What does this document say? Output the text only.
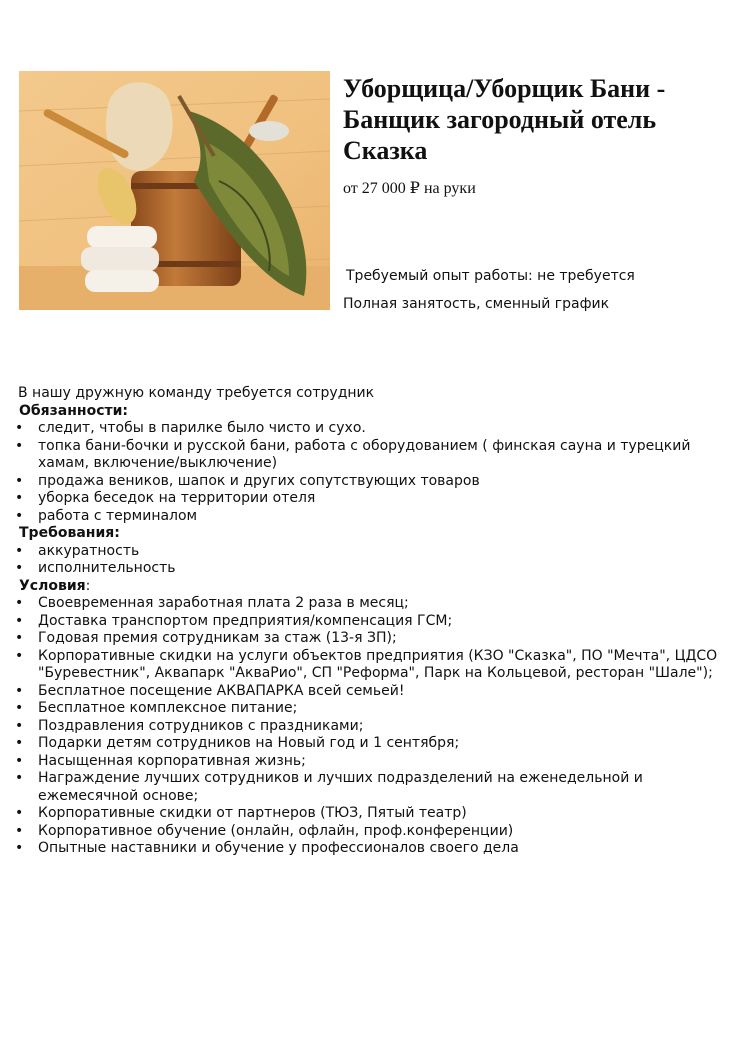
Уборщица/Уборщик Бани - Банщик загородный отель Сказка
от 27 000 ₽ на руки
Требуемый опыт работы: не требуется
Полная занятость, сменный график

В нашу дружную команду требуется сотрудник

Обязанности:

• следит, чтобы в парилке было чисто и сухо.
• топка бани-бочки и русской бани, работа с оборудованием ( финская сауна и турецкий хамам, включение/выключение)
• продажа веников, шапок и других сопутствующих товаров
• уборка беседок на территории отеля
• работа с терминалом

Требования:

• аккуратность
• исполнительность

Условия:

• Своевременная заработная плата 2 раза в месяц;
• Доставка транспортом предприятия/компенсация ГСМ;
• Годовая премия сотрудникам за стаж (13-я ЗП);
• Корпоративные скидки на услуги объектов предприятия (КЗО "Сказка", ПО "Мечта", ЦДСО "Буревестник", Аквапарк "АкваРио", СП "Реформа", Парк на Кольцевой, ресторан "Шале");
• Бесплатное посещение АКВАПАРКА всей семьей!
• Бесплатное комплексное питание;
• Поздравления сотрудников с праздниками;
• Подарки детям сотрудников на Новый год и 1 сентября;
• Насыщенная корпоративная жизнь;
• Награждение лучших сотрудников и лучших подразделений на еженедельной и ежемесячной основе;
• Корпоративные скидки от партнеров (ТЮЗ, Пятый театр)
• Корпоративное обучение (онлайн, офлайн, проф.конференции)
• Опытные наставники и обучение у профессионалов своего дела
